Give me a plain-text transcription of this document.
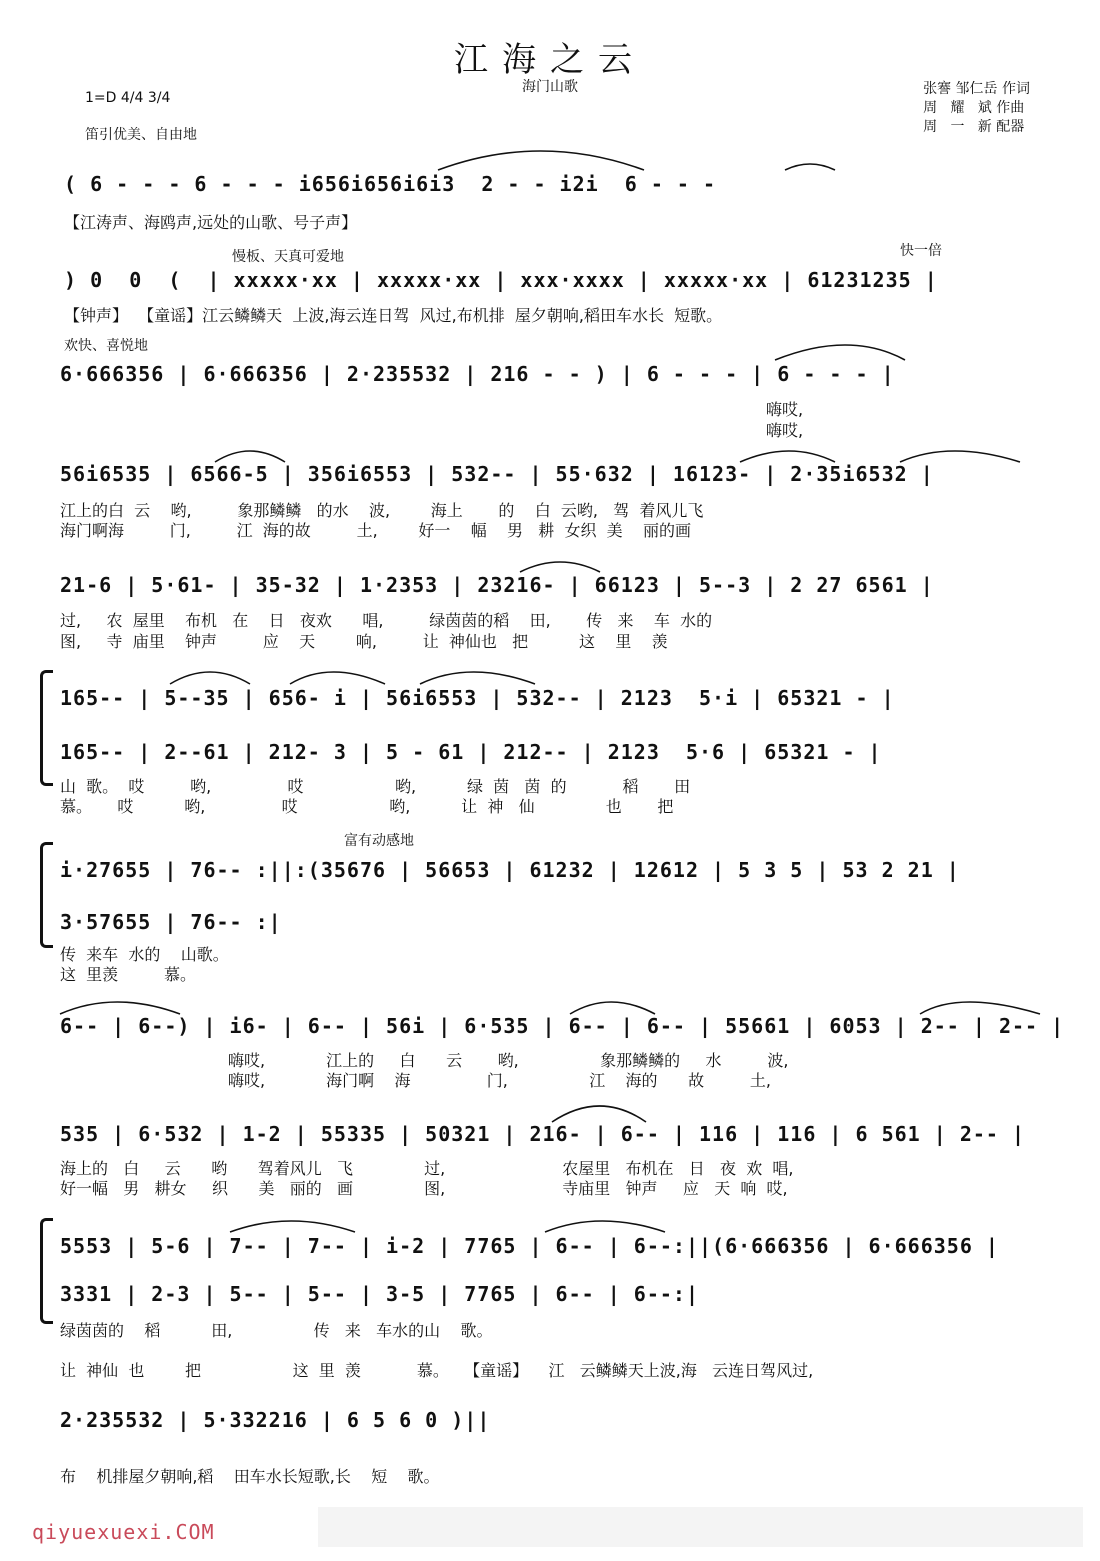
江海之云
海门山歌
1=D 4/4 3/4
张謇 邹仁岳 作词
周   耀   斌 作曲
周   一   新 配器
笛引优美、自由地
( 6 - - - 6 - - - i656i656i6i3  2 - - i2i  6 - - -
【江涛声、海鸥声,远处的山歌、号子声】
慢板、天真可爱地	快一倍
) 0  0  (  | xxxxx·xx | xxxxx·xx | xxx·xxxx | xxxxx·xx | 61231235 |
【钟声】  【童谣】江云鳞鳞天  上波,海云连日驾  风过,布机排  屋夕朝响,稻田车水长  短歌。
欢快、喜悦地
6·666356 | 6·666356 | 2·235532 | 216 - - ) | 6 - - - | 6 - - - |
嗨哎,
嗨哎,
56i6535 | 6566-5 | 356i6553 | 532-- | 55·632 | 16123- | 2·35i6532 |
江上的白  云    哟,         象那鳞鳞   的水    波,        海上       的    白  云哟,   驾  着风儿飞
海门啊海         门,         江  海的故         土,        好一    幅    男   耕  女织  美    丽的画
21-6 | 5·61- | 35-32 | 1·2353 | 23216- | 66123 | 5--3 | 2 27 6561 |
过,     农  屋里    布机   在    日   夜欢      唱,         绿茵茵的稻    田,       传   来    车  水的
图,     寺  庙里    钟声         应    天        响,         让  神仙也   把          这    里    羡
165-- | 5--35 | 656- i | 56i6553 | 532-- | 2123  5·i | 65321 - |
165-- | 2--61 | 212- 3 | 5 - 61 | 212-- | 2123  5·6 | 65321 - |
山  歌。  哎         哟,               哎                  哟,          绿  茵   茵  的           稻       田
慕。     哎          哟,               哎                  哟,          让  神   仙              也       把
富有动感地
i·27655 | 76-- :||:(35676 | 56653 | 61232 | 12612 | 5 3 5 | 53 2 21 |
3·57655 | 76-- :|
传  来车  水的    山歌。
这  里羡         慕。
6-- | 6--) | i6- | 6-- | 56i | 6·535 | 6-- | 6-- | 55661 | 6053 | 2-- | 2-- |
嗨哎,            江上的     白      云       哟,                象那鳞鳞的     水         波,
嗨哎,            海门啊    海               门,                江    海的      故         土,
535 | 6·532 | 1-2 | 55335 | 50321 | 216- | 6-- | 116 | 116 | 6 561 | 2-- |
海上的   白     云      哟      驾着风儿   飞              过,                       农屋里   布机在   日   夜  欢  唱,
好一幅   男   耕女     织      美   丽的   画              图,                       寺庙里   钟声     应   天  响  哎,
5553 | 5-6 | 7-- | 7-- | i-2 | 7765 | 6-- | 6--:||(6·666356 | 6·666356 |
3331 | 2-3 | 5-- | 5-- | 3-5 | 7765 | 6-- | 6--:|
绿茵茵的    稻          田,                传   来   车水的山    歌。
让  神仙  也        把                  这  里  羡           慕。   【童谣】    江   云鳞鳞天上波,海   云连日驾风过,
2·235532 | 5·332216 | 6 5 6 0 )||
布    机排屋夕朝响,稻    田车水长短歌,长    短    歌。
qiyuexuexi.COM
